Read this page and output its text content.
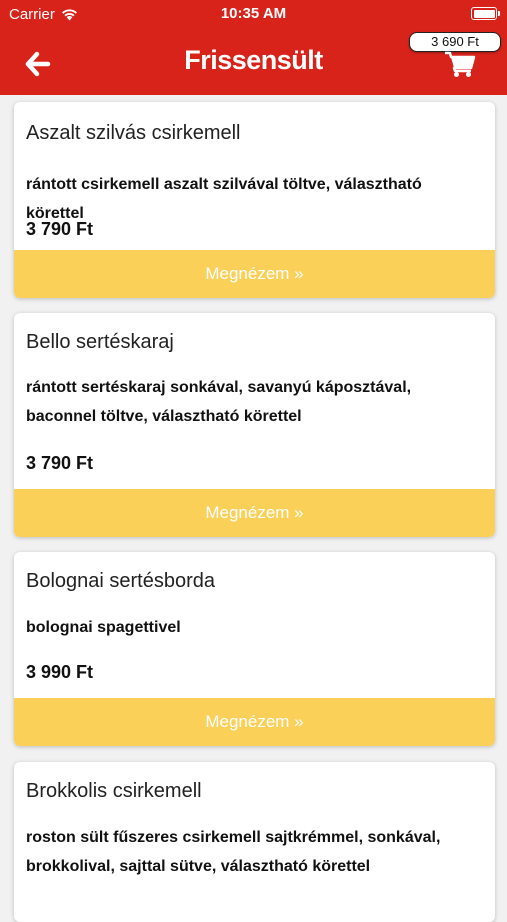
Carrier	10:35 AM
Frissensült
3 690 Ft
Aszalt szilvás csirkemell
rántott csirkemell aszalt szilvával töltve, választható körettel
3 790 Ft
Megnézem »
Bello sertéskaraj
rántott sertéskaraj sonkával, savanyú káposztával, baconnel töltve, választható körettel
3 790 Ft
Megnézem »
Bolognai sertésborda
bolognai spagettivel
3 990 Ft
Megnézem »
Brokkolis csirkemell
roston sült fűszeres csirkemell sajtkrémmel, sonkával, brokkolival, sajttal sütve, választható körettel
